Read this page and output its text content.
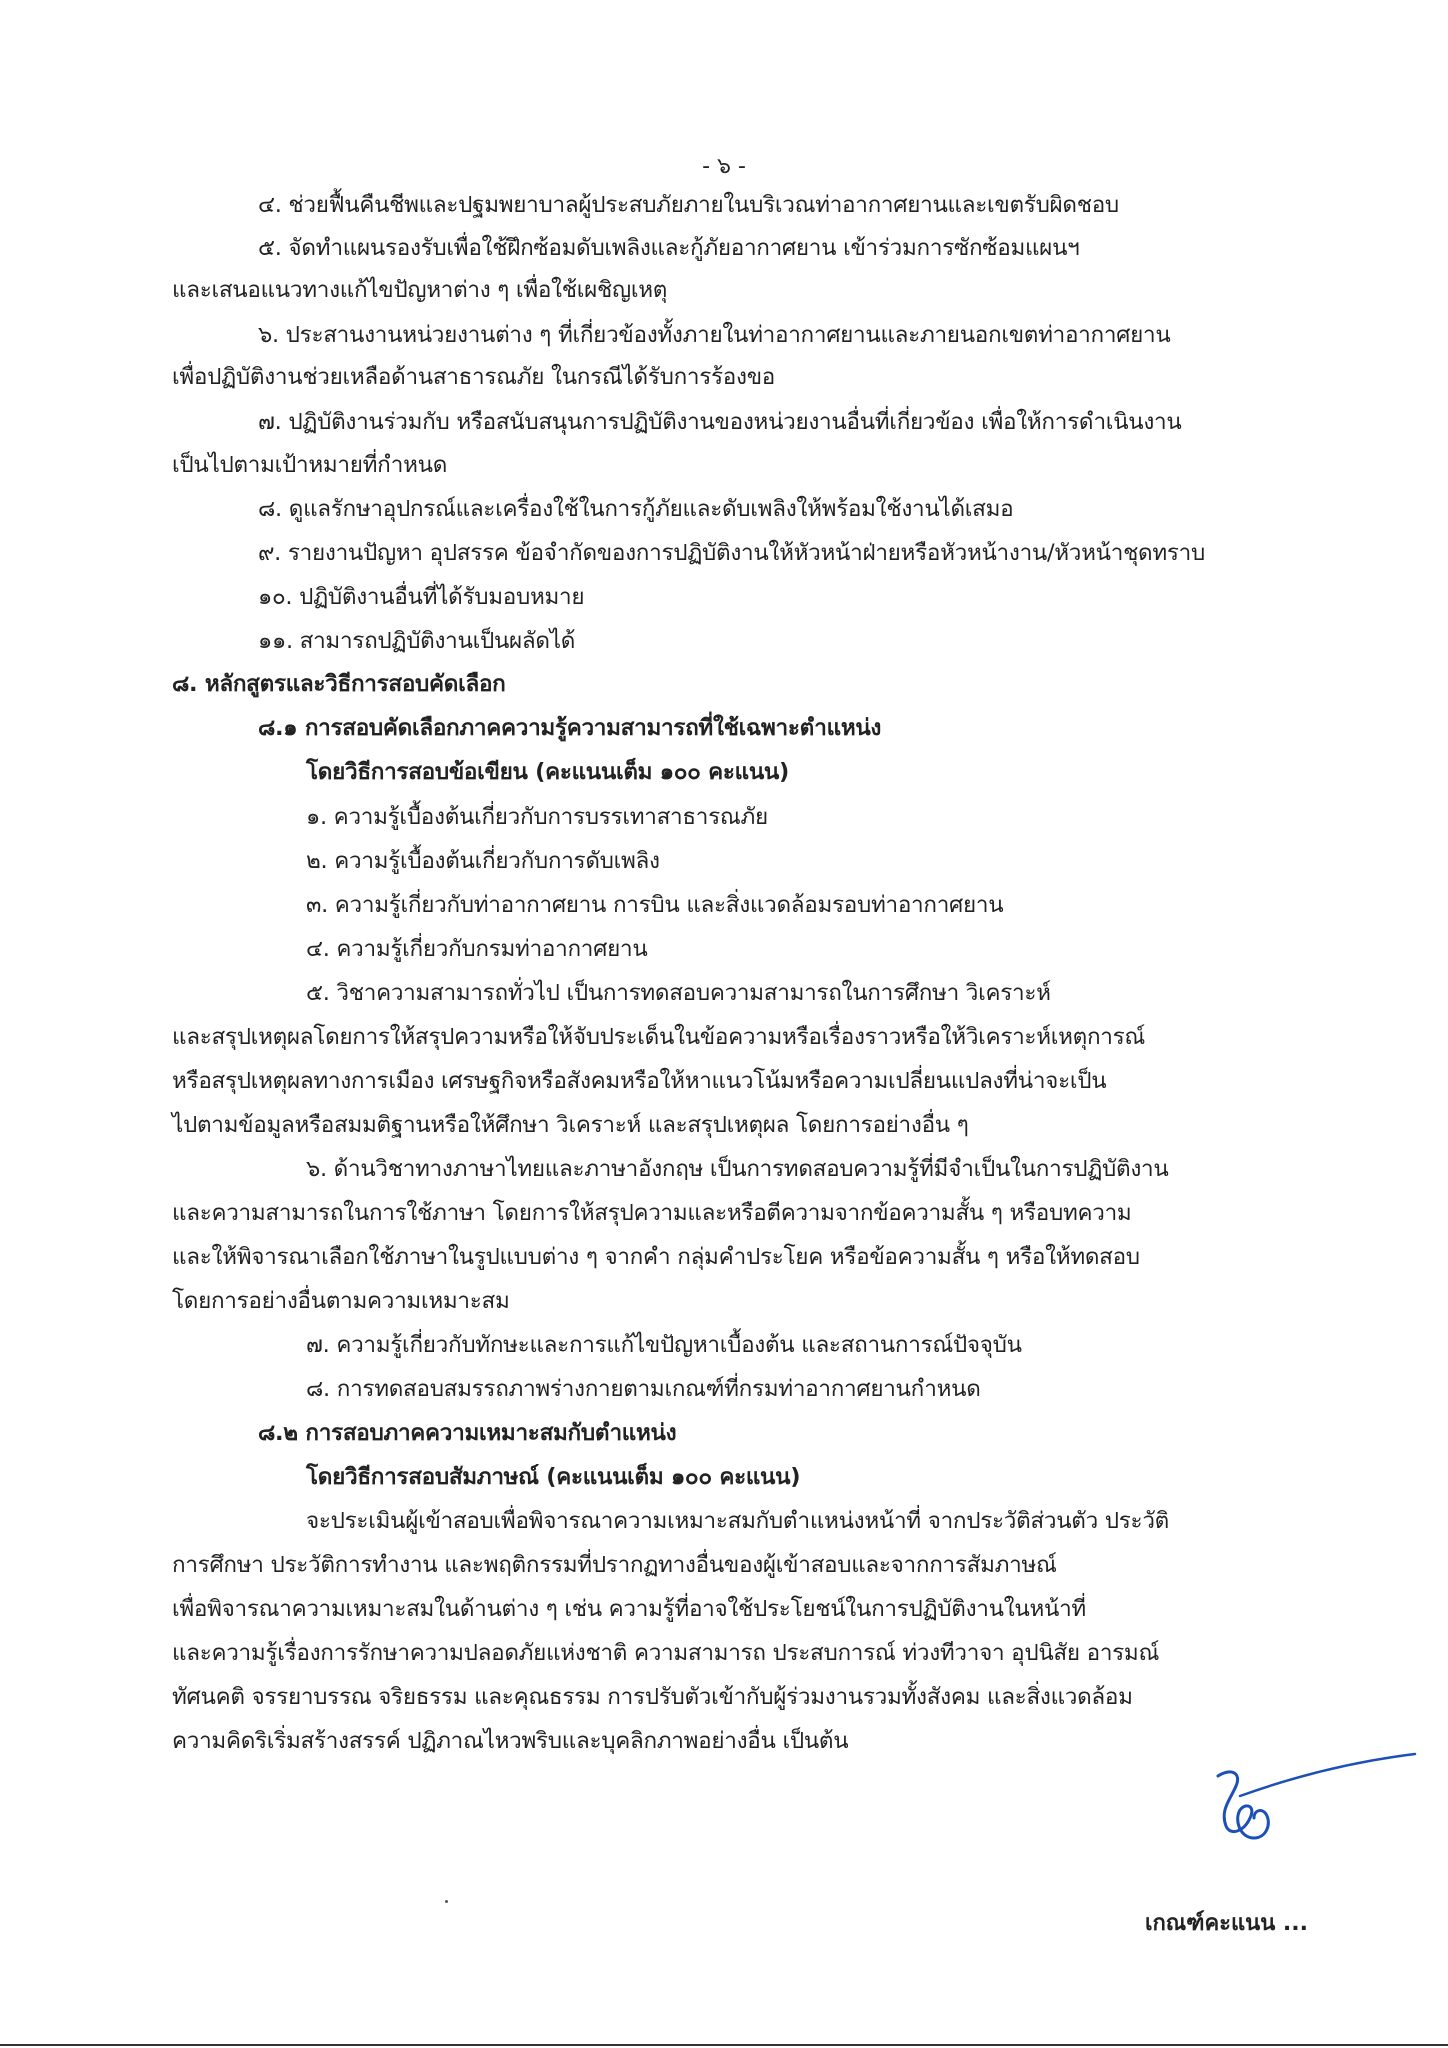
- ๖ -
๔. ช่วยฟื้นคืนชีพและปฐมพยาบาลผู้ประสบภัยภายในบริเวณท่าอากาศยานและเขตรับผิดชอบ
๕. จัดทำแผนรองรับเพื่อใช้ฝึกซ้อมดับเพลิงและกู้ภัยอากาศยาน เข้าร่วมการซักซ้อมแผนฯ
และเสนอแนวทางแก้ไขปัญหาต่าง ๆ เพื่อใช้เผชิญเหตุ
๖. ประสานงานหน่วยงานต่าง ๆ ที่เกี่ยวข้องทั้งภายในท่าอากาศยานและภายนอกเขตท่าอากาศยาน
เพื่อปฏิบัติงานช่วยเหลือด้านสาธารณภัย ในกรณีได้รับการร้องขอ
๗. ปฏิบัติงานร่วมกับ หรือสนับสนุนการปฏิบัติงานของหน่วยงานอื่นที่เกี่ยวข้อง เพื่อให้การดำเนินงาน
เป็นไปตามเป้าหมายที่กำหนด
๘. ดูแลรักษาอุปกรณ์และเครื่องใช้ในการกู้ภัยและดับเพลิงให้พร้อมใช้งานได้เสมอ
๙. รายงานปัญหา อุปสรรค ข้อจำกัดของการปฏิบัติงานให้หัวหน้าฝ่ายหรือหัวหน้างาน/หัวหน้าชุดทราบ
๑๐. ปฏิบัติงานอื่นที่ได้รับมอบหมาย
๑๑. สามารถปฏิบัติงานเป็นผลัดได้
๘. หลักสูตรและวิธีการสอบคัดเลือก
๘.๑ การสอบคัดเลือกภาคความรู้ความสามารถที่ใช้เฉพาะตำแหน่ง
โดยวิธีการสอบข้อเขียน (คะแนนเต็ม ๑๐๐ คะแนน)
๑. ความรู้เบื้องต้นเกี่ยวกับการบรรเทาสาธารณภัย
๒. ความรู้เบื้องต้นเกี่ยวกับการดับเพลิง
๓. ความรู้เกี่ยวกับท่าอากาศยาน การบิน และสิ่งแวดล้อมรอบท่าอากาศยาน
๔. ความรู้เกี่ยวกับกรมท่าอากาศยาน
๕. วิชาความสามารถทั่วไป เป็นการทดสอบความสามารถในการศึกษา วิเคราะห์
และสรุปเหตุผลโดยการให้สรุปความหรือให้จับประเด็นในข้อความหรือเรื่องราวหรือให้วิเคราะห์เหตุการณ์
หรือสรุปเหตุผลทางการเมือง เศรษฐกิจหรือสังคมหรือให้หาแนวโน้มหรือความเปลี่ยนแปลงที่น่าจะเป็น
ไปตามข้อมูลหรือสมมติฐานหรือให้ศึกษา วิเคราะห์ และสรุปเหตุผล โดยการอย่างอื่น ๆ
๖. ด้านวิชาทางภาษาไทยและภาษาอังกฤษ เป็นการทดสอบความรู้ที่มีจำเป็นในการปฏิบัติงาน
และความสามารถในการใช้ภาษา โดยการให้สรุปความและหรือตีความจากข้อความสั้น ๆ หรือบทความ
และให้พิจารณาเลือกใช้ภาษาในรูปแบบต่าง ๆ จากคำ กลุ่มคำประโยค หรือข้อความสั้น ๆ หรือให้ทดสอบ
โดยการอย่างอื่นตามความเหมาะสม
๗. ความรู้เกี่ยวกับทักษะและการแก้ไขปัญหาเบื้องต้น และสถานการณ์ปัจจุบัน
๘. การทดสอบสมรรถภาพร่างกายตามเกณฑ์ที่กรมท่าอากาศยานกำหนด
๘.๒ การสอบภาคความเหมาะสมกับตำแหน่ง
โดยวิธีการสอบสัมภาษณ์ (คะแนนเต็ม ๑๐๐ คะแนน)
จะประเมินผู้เข้าสอบเพื่อพิจารณาความเหมาะสมกับตำแหน่งหน้าที่ จากประวัติส่วนตัว ประวัติ
การศึกษา ประวัติการทำงาน และพฤติกรรมที่ปรากฏทางอื่นของผู้เข้าสอบและจากการสัมภาษณ์
เพื่อพิจารณาความเหมาะสมในด้านต่าง ๆ เช่น ความรู้ที่อาจใช้ประโยชน์ในการปฏิบัติงานในหน้าที่
และความรู้เรื่องการรักษาความปลอดภัยแห่งชาติ ความสามารถ ประสบการณ์ ท่วงทีวาจา อุปนิสัย อารมณ์
ทัศนคติ จรรยาบรรณ จริยธรรม และคุณธรรม การปรับตัวเข้ากับผู้ร่วมงานรวมทั้งสังคม และสิ่งแวดล้อม
ความคิดริเริ่มสร้างสรรค์ ปฏิภาณไหวพริบและบุคลิกภาพอย่างอื่น เป็นต้น
เกณฑ์คะแนน ...
